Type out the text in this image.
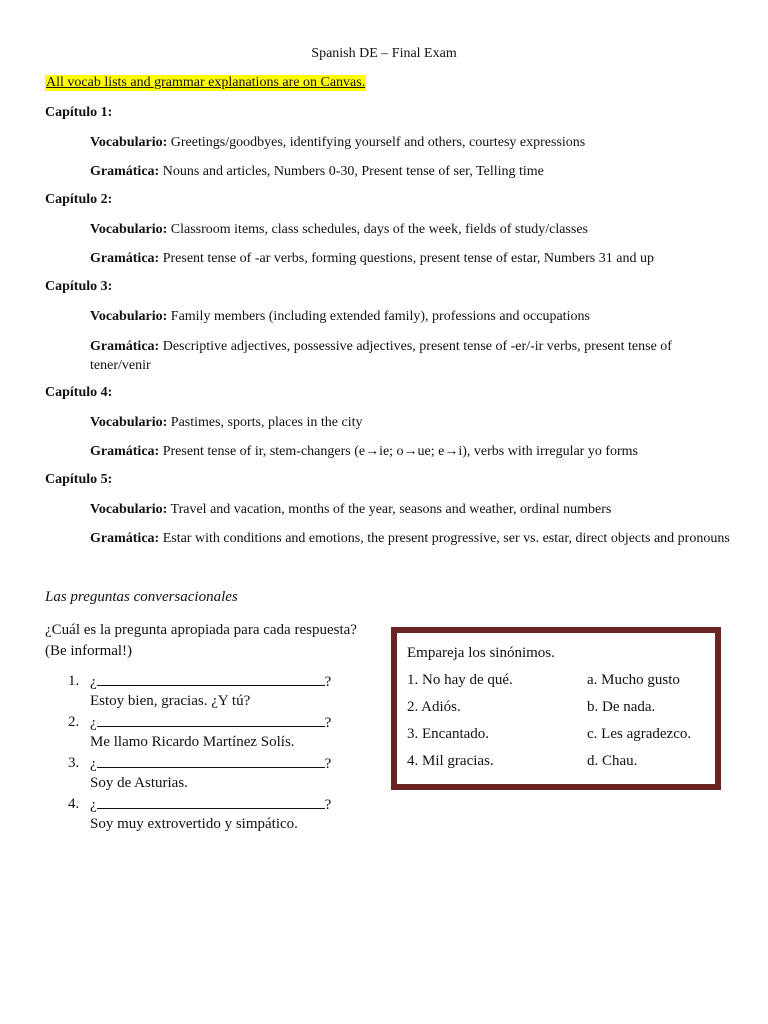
Spanish DE – Final Exam
All vocab lists and grammar explanations are on Canvas.
Capítulo 1:
Vocabulario: Greetings/goodbyes, identifying yourself and others, courtesy expressions
Gramática: Nouns and articles, Numbers 0-30, Present tense of ser, Telling time
Capítulo 2:
Vocabulario: Classroom items, class schedules, days of the week, fields of study/classes
Gramática: Present tense of -ar verbs, forming questions, present tense of estar, Numbers 31 and up
Capítulo 3:
Vocabulario: Family members (including extended family), professions and occupations
Gramática: Descriptive adjectives, possessive adjectives, present tense of -er/-ir verbs, present tense of tener/venir
Capítulo 4:
Vocabulario: Pastimes, sports, places in the city
Gramática: Present tense of ir, stem-changers (e→ie; o→ue; e→i), verbs with irregular yo forms
Capítulo 5:
Vocabulario: Travel and vacation, months of the year, seasons and weather, ordinal numbers
Gramática: Estar with conditions and emotions, the present progressive, ser vs. estar, direct objects and pronouns
Las preguntas conversacionales
¿Cuál es la pregunta apropiada para cada respuesta?
(Be informal!)
1. ¿	?
Estoy bien, gracias. ¿Y tú?
2. ¿	?
Me llamo Ricardo Martínez Solís.
3. ¿	?
Soy de Asturias.
4. ¿	?
Soy muy extrovertido y simpático.
Empareja los sinónimos.
1. No hay de qué.	a. Mucho gusto
2. Adiós.	b. De nada.
3. Encantado.	c. Les agradezco.
4. Mil gracias.	d. Chau.
